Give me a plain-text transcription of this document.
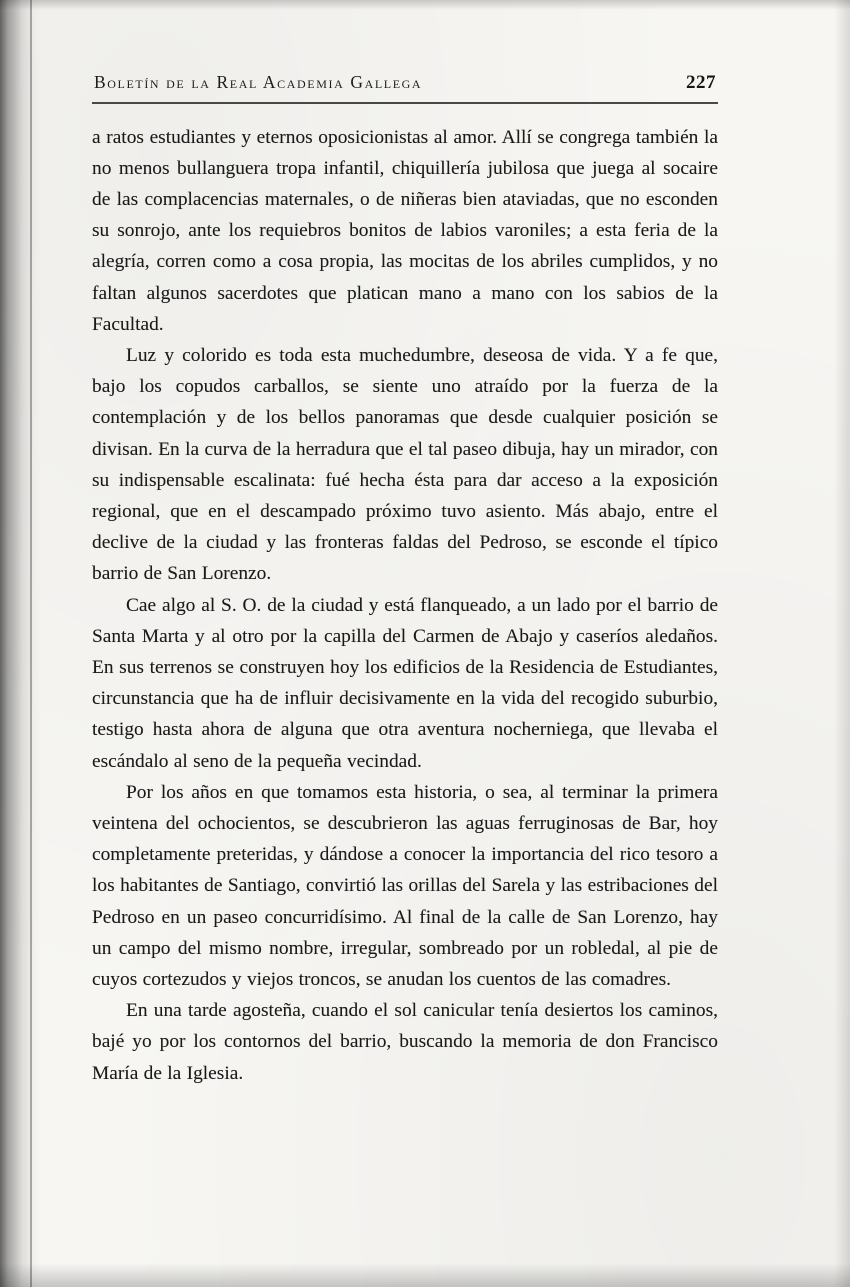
Boletín de la Real Academia Gallega	227

a ratos estudiantes y eternos oposicionistas al amor. Allí se congrega también la no menos bullanguera tropa infantil, chiquillería jubilosa que juega al socaire de las complacencias maternales, o de niñeras bien ataviadas, que no esconden su sonrojo, ante los requiebros bonitos de labios varoniles; a esta feria de la alegría, corren como a cosa propia, las mocitas de los abriles cumplidos, y no faltan algunos sacerdotes que platican mano a mano con los sabios de la Facultad.

Luz y colorido es toda esta muchedumbre, deseosa de vida. Y a fe que, bajo los copudos carballos, se siente uno atraído por la fuerza de la contemplación y de los bellos panoramas que desde cualquier posición se divisan. En la curva de la herradura que el tal paseo dibuja, hay un mirador, con su indispensable escalinata: fué hecha ésta para dar acceso a la exposición regional, que en el descampado próximo tuvo asiento. Más abajo, entre el declive de la ciudad y las fronteras faldas del Pedroso, se esconde el típico barrio de San Lorenzo.

Cae algo al S. O. de la ciudad y está flanqueado, a un lado por el barrio de Santa Marta y al otro por la capilla del Carmen de Abajo y caseríos aledaños. En sus terrenos se construyen hoy los edificios de la Residencia de Estudiantes, circunstancia que ha de influir decisivamente en la vida del recogido suburbio, testigo hasta ahora de alguna que otra aventura nocherniega, que llevaba el escándalo al seno de la pequeña vecindad.

Por los años en que tomamos esta historia, o sea, al terminar la primera veintena del ochocientos, se descubrieron las aguas ferruginosas de Bar, hoy completamente preteridas, y dándose a conocer la importancia del rico tesoro a los habitantes de Santiago, convirtió las orillas del Sarela y las estribaciones del Pedroso en un paseo concurridísimo. Al final de la calle de San Lorenzo, hay un campo del mismo nombre, irregular, sombreado por un robledal, al pie de cuyos cortezudos y viejos troncos, se anudan los cuentos de las comadres.

En una tarde agosteña, cuando el sol canicular tenía desiertos los caminos, bajé yo por los contornos del barrio, buscando la memoria de don Francisco María de la Iglesia.
